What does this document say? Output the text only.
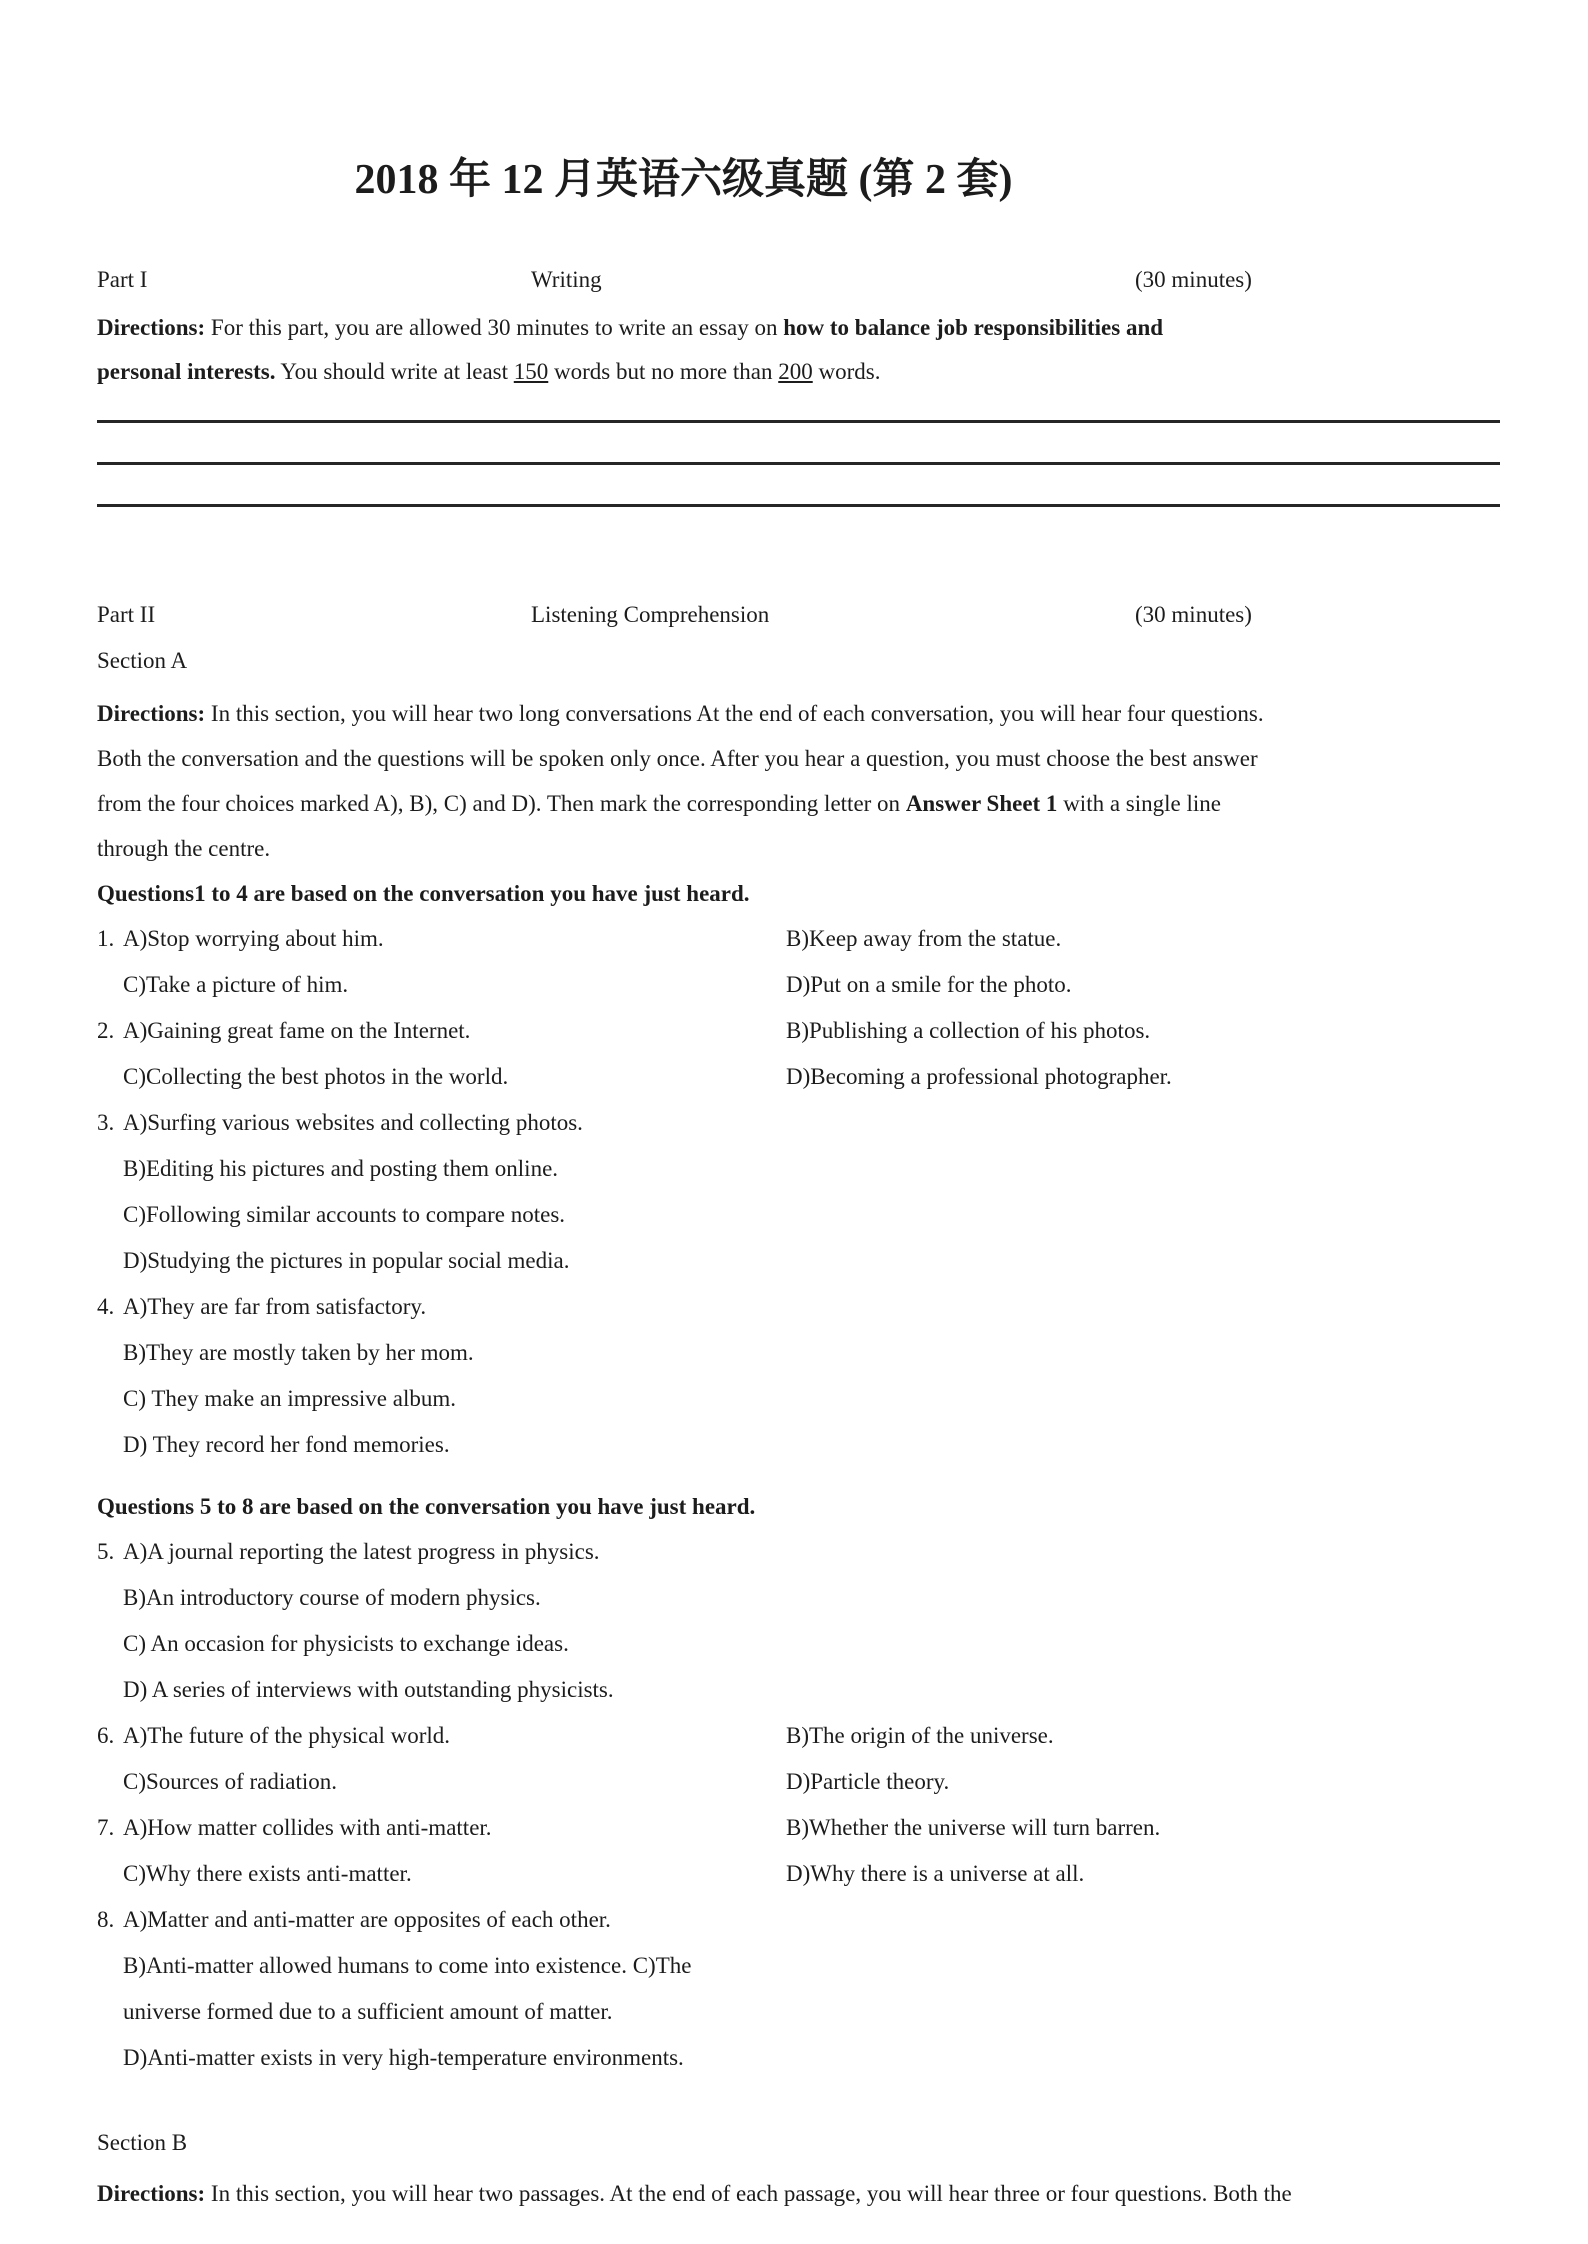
2018 年 12 月英语六级真题 (第 2 套)
Part I	Writing	(30 minutes)
Directions: For this part, you are allowed 30 minutes to write an essay on how to balance job responsibilities and
personal interests. You should write at least 150 words but no more than 200 words.
Part II	Listening Comprehension	(30 minutes)
Section A
Directions: In this section, you will hear two long conversations At the end of each conversation, you will hear four questions.
Both the conversation and the questions will be spoken only once. After you hear a question, you must choose the best answer
from the four choices marked A), B), C) and D). Then mark the corresponding letter on Answer Sheet 1 with a single line
through the centre.
Questions1 to 4 are based on the conversation you have just heard.
1. A)Stop worrying about him.	B)Keep away from the statue.
C)Take a picture of him.	D)Put on a smile for the photo.
2. A)Gaining great fame on the Internet.	B)Publishing a collection of his photos.
C)Collecting the best photos in the world.	D)Becoming a professional photographer.
3. A)Surfing various websites and collecting photos.
B)Editing his pictures and posting them online.
C)Following similar accounts to compare notes.
D)Studying the pictures in popular social media.
4. A)They are far from satisfactory.
B)They are mostly taken by her mom.
C) They make an impressive album.
D) They record her fond memories.
Questions 5 to 8 are based on the conversation you have just heard.
5. A)A journal reporting the latest progress in physics.
B)An introductory course of modern physics.
C) An occasion for physicists to exchange ideas.
D) A series of interviews with outstanding physicists.
6. A)The future of the physical world.	B)The origin of the universe.
C)Sources of radiation.	D)Particle theory.
7. A)How matter collides with anti-matter.	B)Whether the universe will turn barren.
C)Why there exists anti-matter.	D)Why there is a universe at all.
8. A)Matter and anti-matter are opposites of each other.
B)Anti-matter allowed humans to come into existence. C)The
universe formed due to a sufficient amount of matter.
D)Anti-matter exists in very high-temperature environments.
Section B
Directions: In this section, you will hear two passages. At the end of each passage, you will hear three or four questions. Both the
